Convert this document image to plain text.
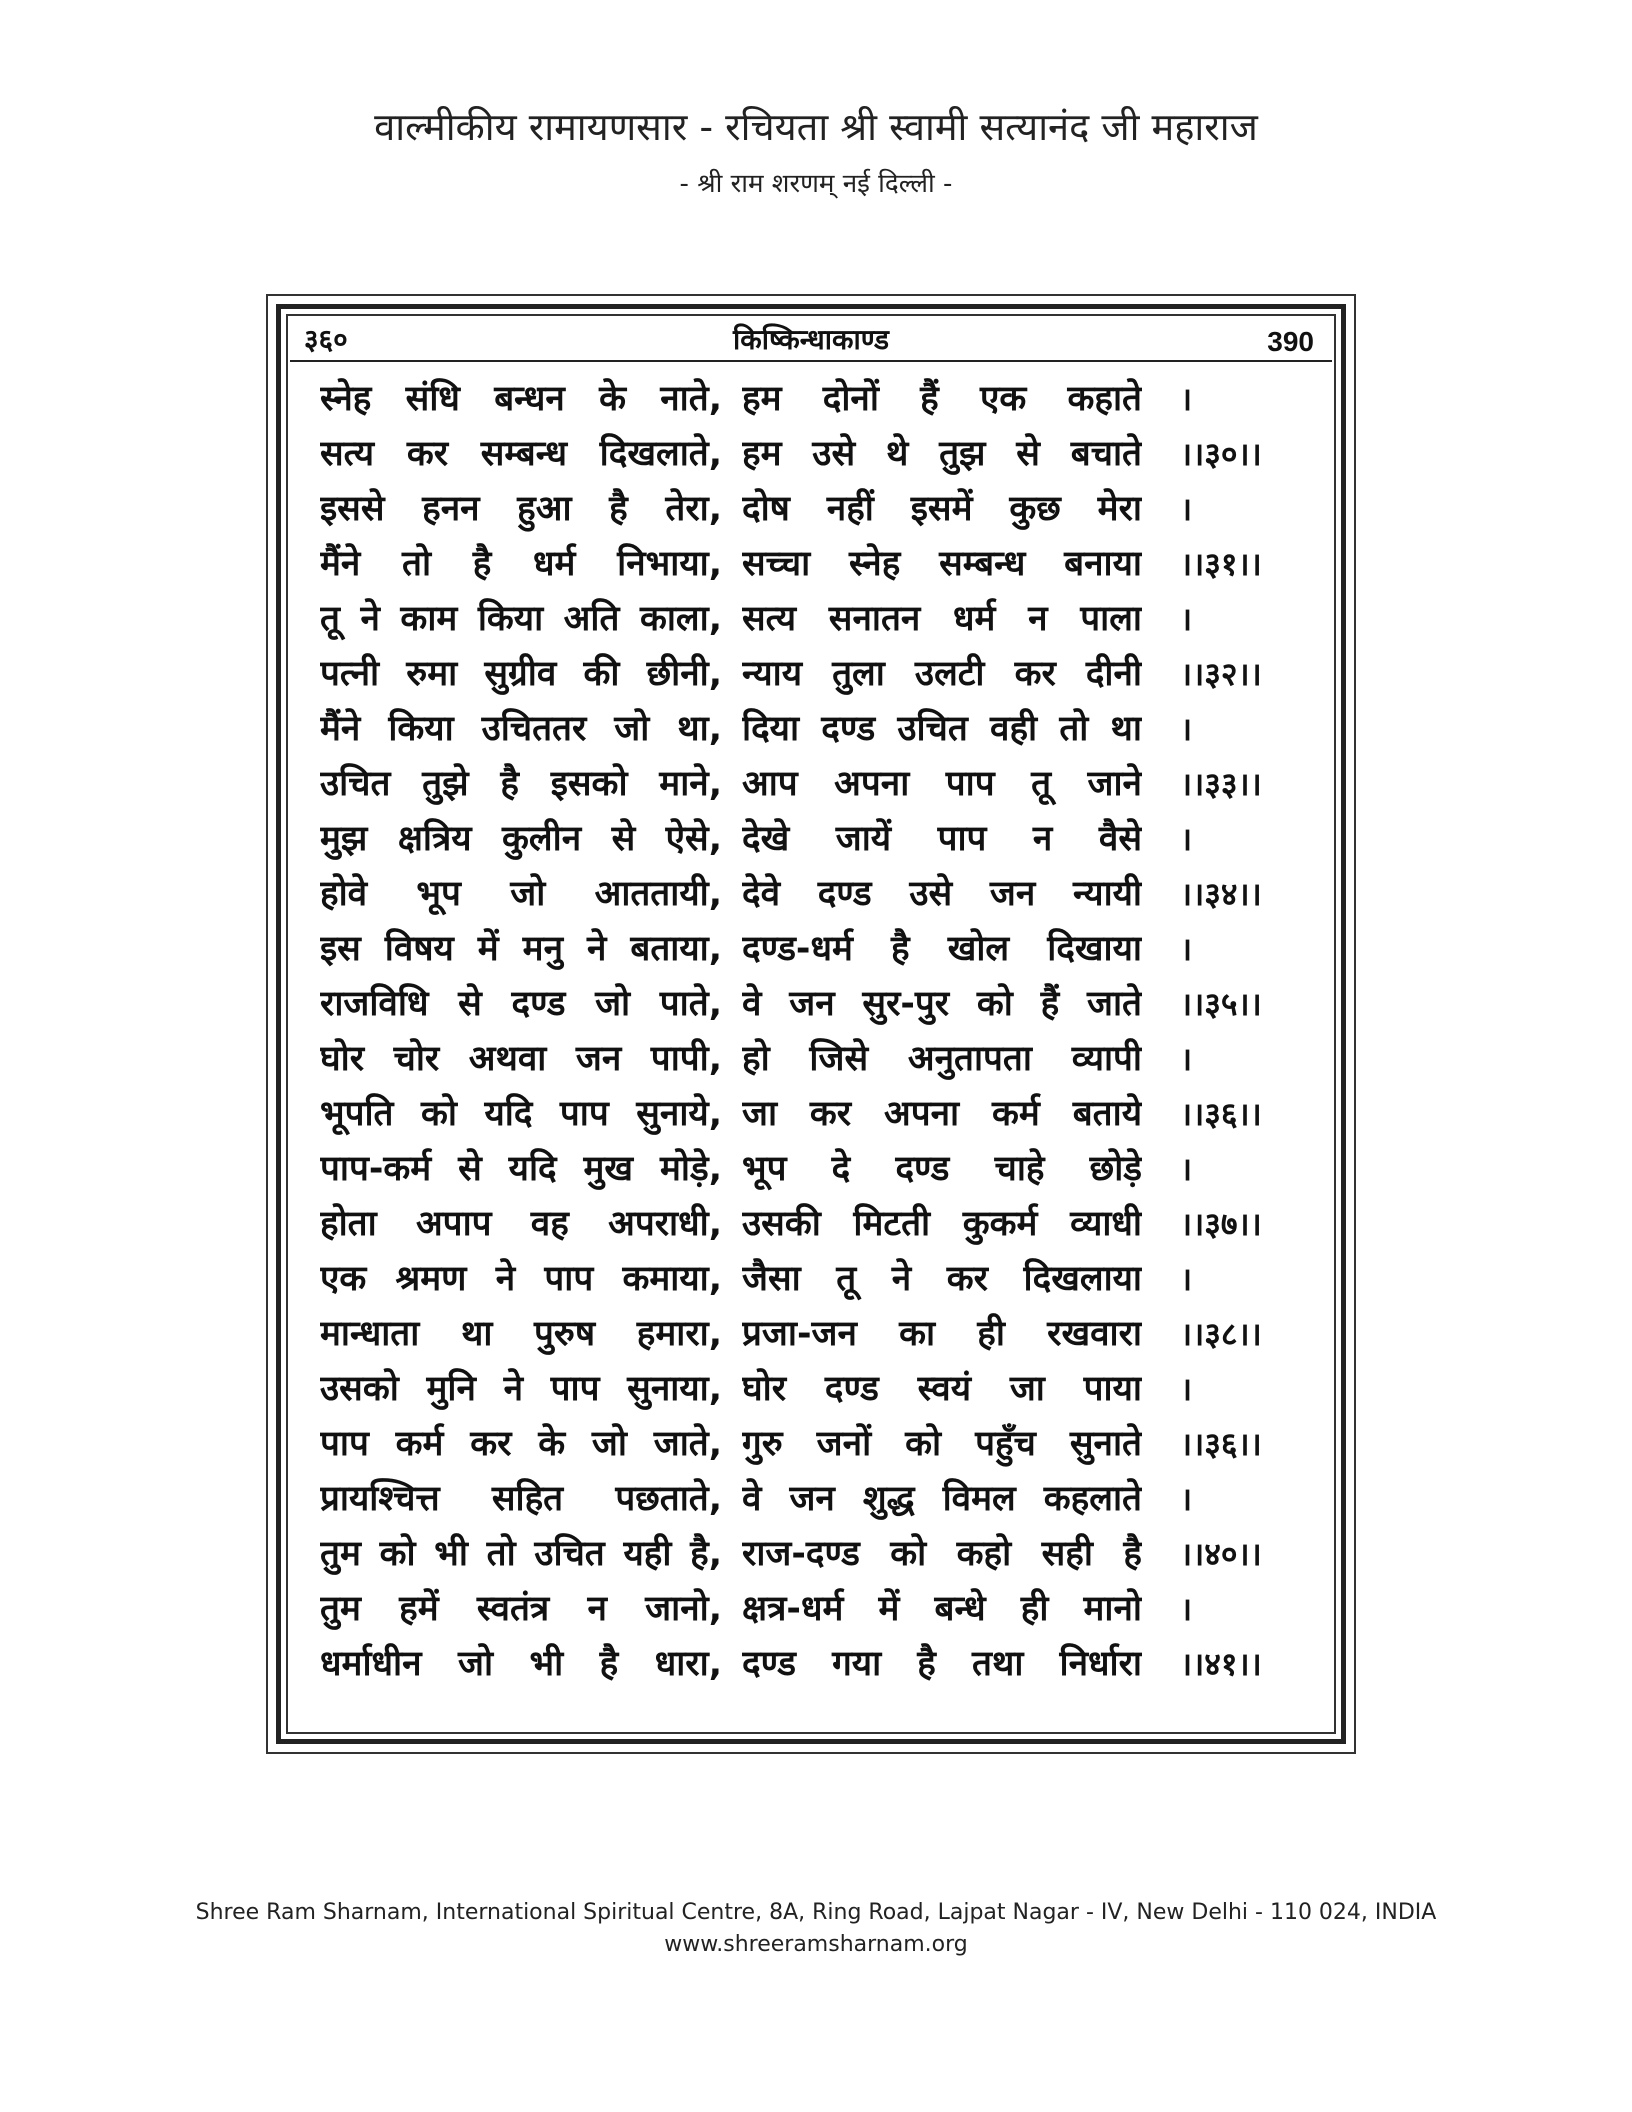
वाल्मीकीय रामायणसार - रचियता श्री स्वामी सत्यानंद जी महाराज
- श्री राम शरणम् नई दिल्ली -
३६०	किष्किन्धाकाण्ड	390
स्नेह संधि बन्धन के नाते, हम दोनों हैं एक कहाते ।
सत्य कर सम्बन्ध दिखलाते, हम उसे थे तुझ से बचाते ।।३०।।
इससे हनन हुआ है तेरा, दोष नहीं इसमें कुछ मेरा ।
मैंने तो है धर्म निभाया, सच्चा स्नेह सम्बन्ध बनाया ।।३१।।
तू ने काम किया अति काला, सत्य सनातन धर्म न पाला ।
पत्नी रुमा सुग्रीव की छीनी, न्याय तुला उलटी कर दीनी ।।३२।।
मैंने किया उचिततर जो था, दिया दण्ड उचित वही तो था ।
उचित तुझे है इसको माने, आप अपना पाप तू जाने ।।३३।।
मुझ क्षत्रिय कुलीन से ऐसे, देखे जायें पाप न वैसे ।
होवे भूप जो आततायी, देवे दण्ड उसे जन न्यायी ।।३४।।
इस विषय में मनु ने बताया, दण्ड-धर्म है खोल दिखाया ।
राजविधि से दण्ड जो पाते, वे जन सुर-पुर को हैं जाते ।।३५।।
घोर चोर अथवा जन पापी, हो जिसे अनुतापता व्यापी ।
भूपति को यदि पाप सुनाये, जा कर अपना कर्म बताये ।।३६।।
पाप-कर्म से यदि मुख मोड़े, भूप दे दण्ड चाहे छोड़े ।
होता अपाप वह अपराधी, उसकी मिटती कुकर्म व्याधी ।।३७।।
एक श्रमण ने पाप कमाया, जैसा तू ने कर दिखलाया ।
मान्धाता था पुरुष हमारा, प्रजा-जन का ही रखवारा ।।३८।।
उसको मुनि ने पाप सुनाया, घोर दण्ड स्वयं जा पाया ।
पाप कर्म कर के जो जाते, गुरु जनों को पहुँच सुनाते ।।३६।।
प्रायश्चित्त सहित पछताते, वे जन शुद्ध विमल कहलाते ।
तुम को भी तो उचित यही है, राज-दण्ड को कहो सही है ।।४०।।
तुम हमें स्वतंत्र न जानो, क्षत्र-धर्म में बन्धे ही मानो ।
धर्माधीन जो भी है धारा, दण्ड गया है तथा निर्धारा ।।४१।।
Shree Ram Sharnam, International Spiritual Centre, 8A, Ring Road, Lajpat Nagar - IV, New Delhi - 110 024, INDIA
www.shreeramsharnam.org
